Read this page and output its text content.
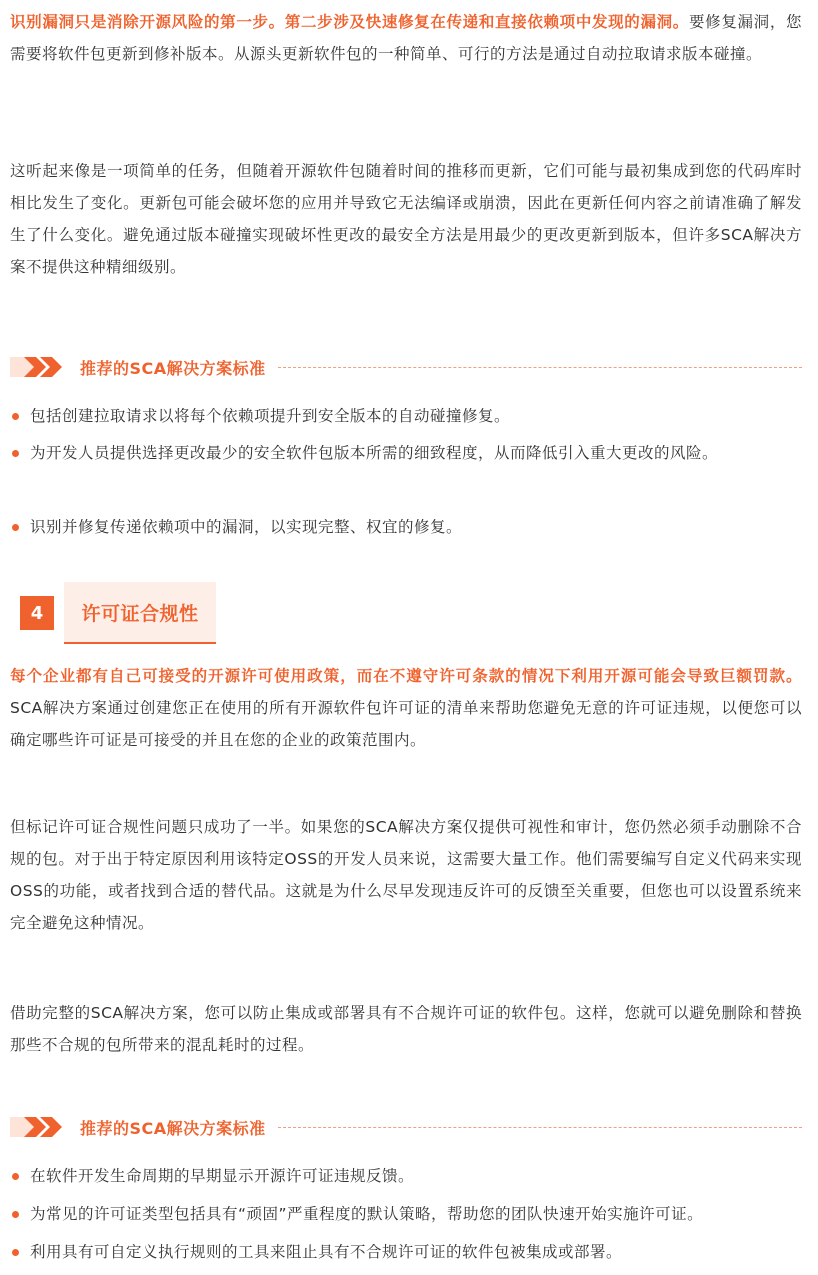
识别漏洞只是消除开源风险的第一步。第二步涉及快速修复在传递和直接依赖项中发现的漏洞。要修复漏洞，您需要将软件包更新到修补版本。从源头更新软件包的一种简单、可行的方法是通过自动拉取请求版本碰撞。

这听起来像是一项简单的任务，但随着开源软件包随着时间的推移而更新，它们可能与最初集成到您的代码库时相比发生了变化。更新包可能会破坏您的应用并导致它无法编译或崩溃，因此在更新任何内容之前请准确了解发生了什么变化。避免通过版本碰撞实现破坏性更改的最安全方法是用最少的更改更新到版本，但许多SCA解决方案不提供这种精细级别。

推荐的SCA解决方案标准

包括创建拉取请求以将每个依赖项提升到安全版本的自动碰撞修复。

为开发人员提供选择更改最少的安全软件包版本所需的细致程度，从而降低引入重大更改的风险。

识别并修复传递依赖项中的漏洞，以实现完整、权宜的修复。

4	许可证合规性

每个企业都有自己可接受的开源许可使用政策，而在不遵守许可条款的情况下利用开源可能会导致巨额罚款。SCA解决方案通过创建您正在使用的所有开源软件包许可证的清单来帮助您避免无意的许可证违规，以便您可以确定哪些许可证是可接受的并且在您的企业的政策范围内。

但标记许可证合规性问题只成功了一半。如果您的SCA解决方案仅提供可视性和审计，您仍然必须手动删除不合规的包。对于出于特定原因利用该特定OSS的开发人员来说，这需要大量工作。他们需要编写自定义代码来实现OSS的功能，或者找到合适的替代品。这就是为什么尽早发现违反许可的反馈至关重要，但您也可以设置系统来完全避免这种情况。

借助完整的SCA解决方案，您可以防止集成或部署具有不合规许可证的软件包。这样，您就可以避免删除和替换那些不合规的包所带来的混乱耗时的过程。

推荐的SCA解决方案标准

在软件开发生命周期的早期显示开源许可证违规反馈。

为常见的许可证类型包括具有“顽固”严重程度的默认策略，帮助您的团队快速开始实施许可证。

利用具有可自定义执行规则的工具来阻止具有不合规许可证的软件包被集成或部署。
